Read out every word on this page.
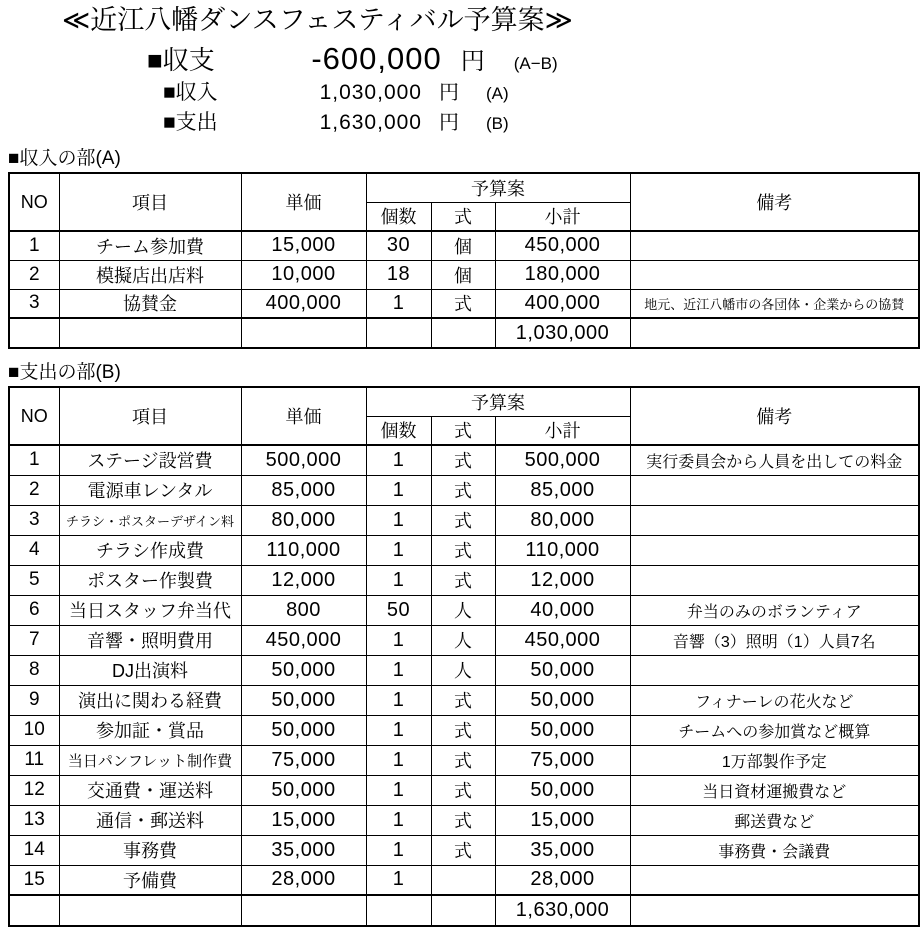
≪近江八幡ダンスフェスティバル予算案≫
■収支	-600,000 円 (A−B)
■収入	1,030,000 円 (A)
■支出	1,630,000 円 (B)
■収入の部(A)
NO	項目	単価	予算案			備考
			個数	式	小計	
1	チーム参加費	15,000	30	個	450,000	
2	模擬店出店料	10,000	18	個	180,000	
3	協賛金	400,000	1	式	400,000	地元、近江八幡市の各団体・企業からの協賛
					1,030,000	
■支出の部(B)
NO	項目	単価	予算案			備考
			個数	式	小計	
1	ステージ設営費	500,000	1	式	500,000	実行委員会から人員を出しての料金
2	電源車レンタル	85,000	1	式	85,000	
3	チラシ・ポスターデザイン料	80,000	1	式	80,000	
4	チラシ作成費	110,000	1	式	110,000	
5	ポスター作製費	12,000	1	式	12,000	
6	当日スタッフ弁当代	800	50	人	40,000	弁当のみのボランティア
7	音響・照明費用	450,000	1	人	450,000	音響（3）照明（1）人員7名
8	DJ出演料	50,000	1	人	50,000	
9	演出に関わる経費	50,000	1	式	50,000	フィナーレの花火など
10	参加証・賞品	50,000	1	式	50,000	チームへの参加賞など概算
11	当日パンフレット制作費	75,000	1	式	75,000	1万部製作予定
12	交通費・運送料	50,000	1	式	50,000	当日資材運搬費など
13	通信・郵送料	15,000	1	式	15,000	郵送費など
14	事務費	35,000	1	式	35,000	事務費・会議費
15	予備費	28,000	1		28,000	
					1,630,000	
